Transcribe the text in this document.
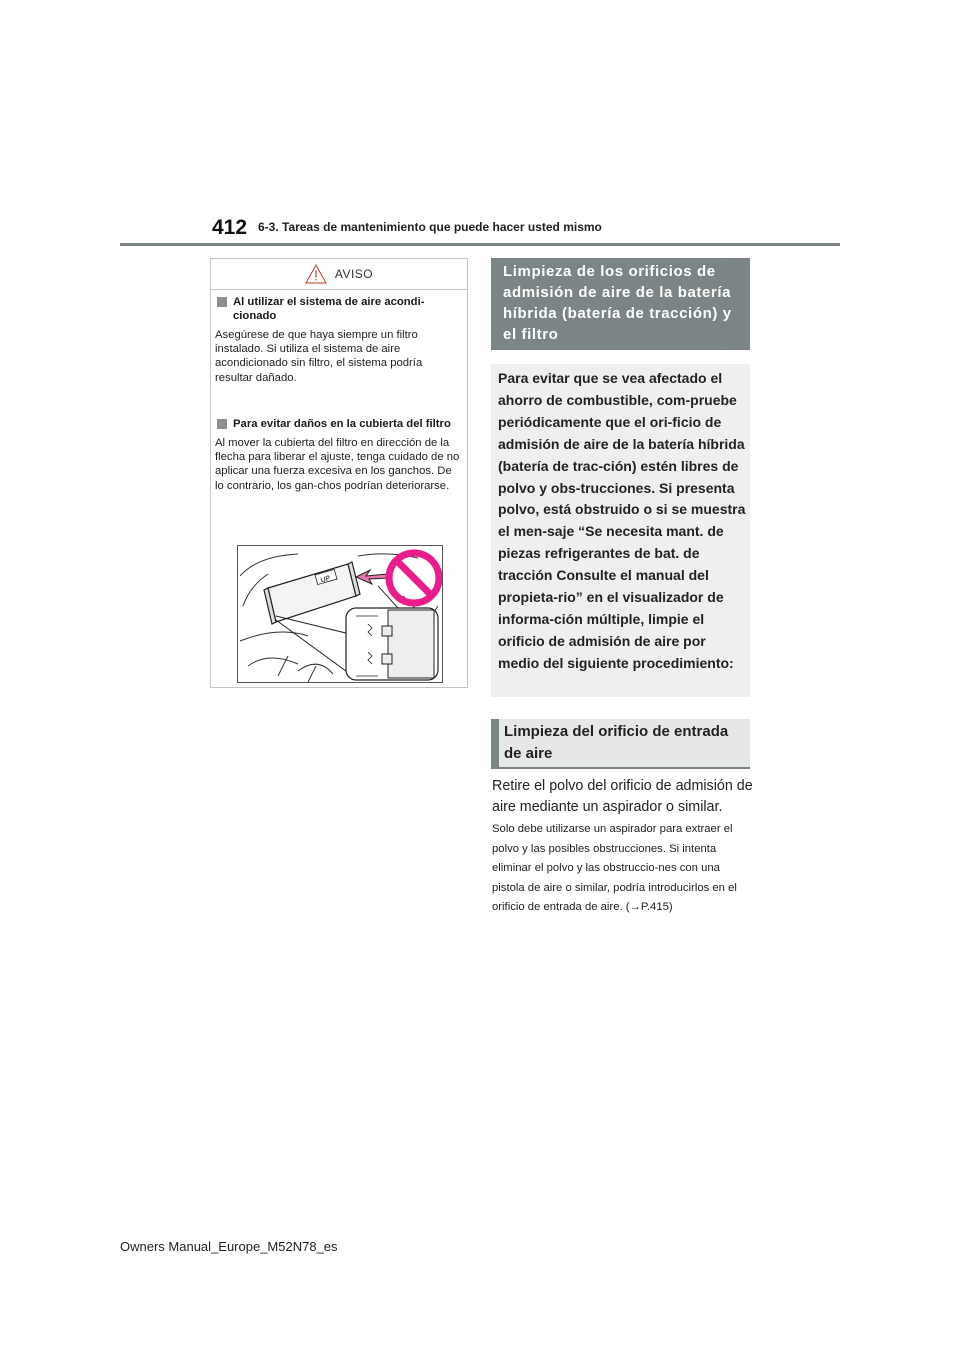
412 6-3. Tareas de mantenimiento que puede hacer usted mismo
AVISO
Al utilizar el sistema de aire acondi-cionado
Asegúrese de que haya siempre un filtro instalado. Si utiliza el sistema de aire acondicionado sin filtro, el sistema podría resultar dañado.
Para evitar daños en la cubierta del filtro
Al mover la cubierta del filtro en dirección de la flecha para liberar el ajuste, tenga cuidado de no aplicar una fuerza excesiva en los ganchos. De lo contrario, los gan-chos podrían deteriorarse.
UP
Limpieza de los orificios de admisión de aire de la batería híbrida (batería de tracción) y el filtro
Para evitar que se vea afectado el ahorro de combustible, com-pruebe periódicamente que el ori-ficio de admisión de aire de la batería híbrida (batería de trac-ción) estén libres de polvo y obs-trucciones. Si presenta polvo, está obstruido o si se muestra el men-saje “Se necesita mant. de piezas refrigerantes de bat. de tracción Consulte el manual del propieta-rio” en el visualizador de informa-ción múltiple, limpie el orificio de admisión de aire por medio del siguiente procedimiento:
Limpieza del orificio de entrada de aire
Retire el polvo del orificio de admisión de aire mediante un aspirador o similar.
Solo debe utilizarse un aspirador para extraer el polvo y las posibles obstrucciones. Si intenta eliminar el polvo y las obstruccio-nes con una pistola de aire o similar, podría introducirlos en el orificio de entrada de aire. (→P.415)
Owners Manual_Europe_M52N78_es
